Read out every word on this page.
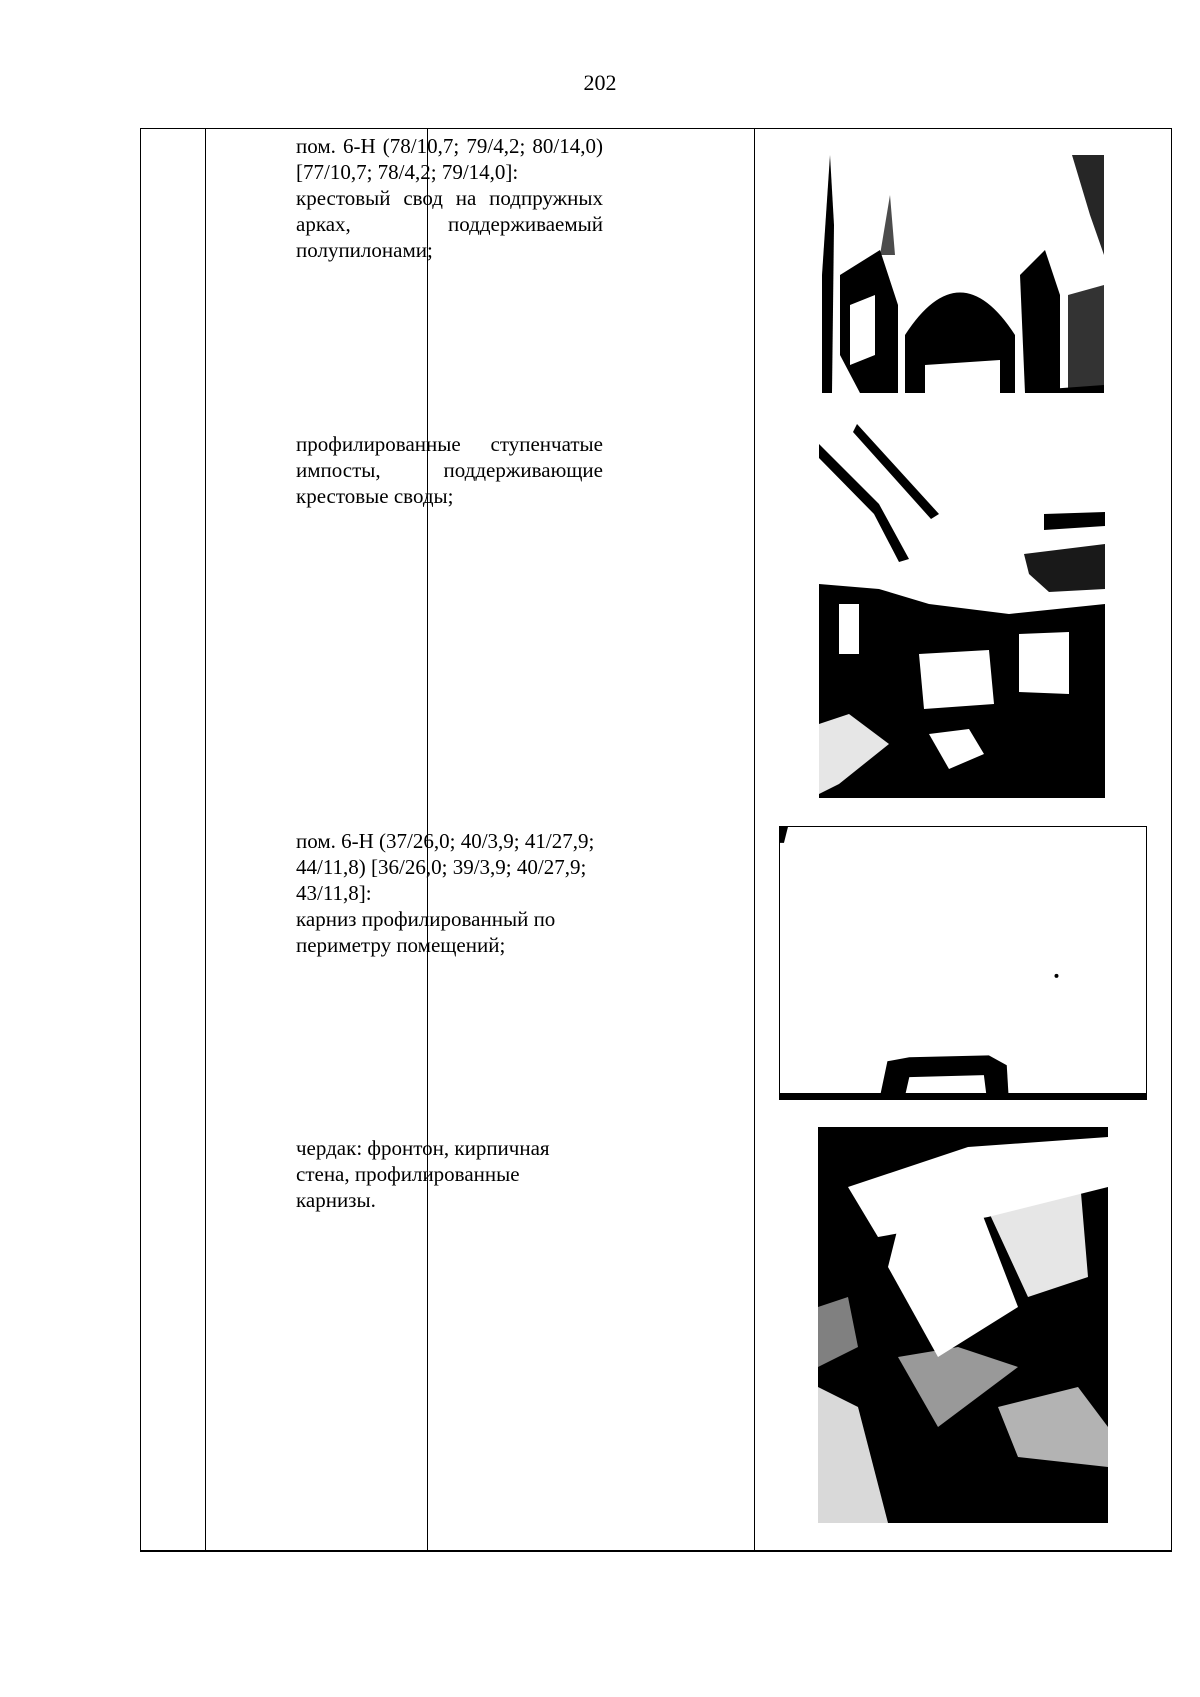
202
пом. 6-Н (78/10,7; 79/4,2; 80/14,0) [77/10,7; 78/4,2; 79/14,0]:
крестовый свод на подпружных арках, поддерживаемый полупилонами;
профилированные ступенчатые импосты, поддерживающие крестовые своды;
пом. 6-Н (37/26,0; 40/3,9; 41/27,9; 44/11,8) [36/26,0; 39/3,9; 40/27,9; 43/11,8]:
карниз профилированный по периметру помещений;
чердак: фронтон, кирпичная стена, профилированные карнизы.
